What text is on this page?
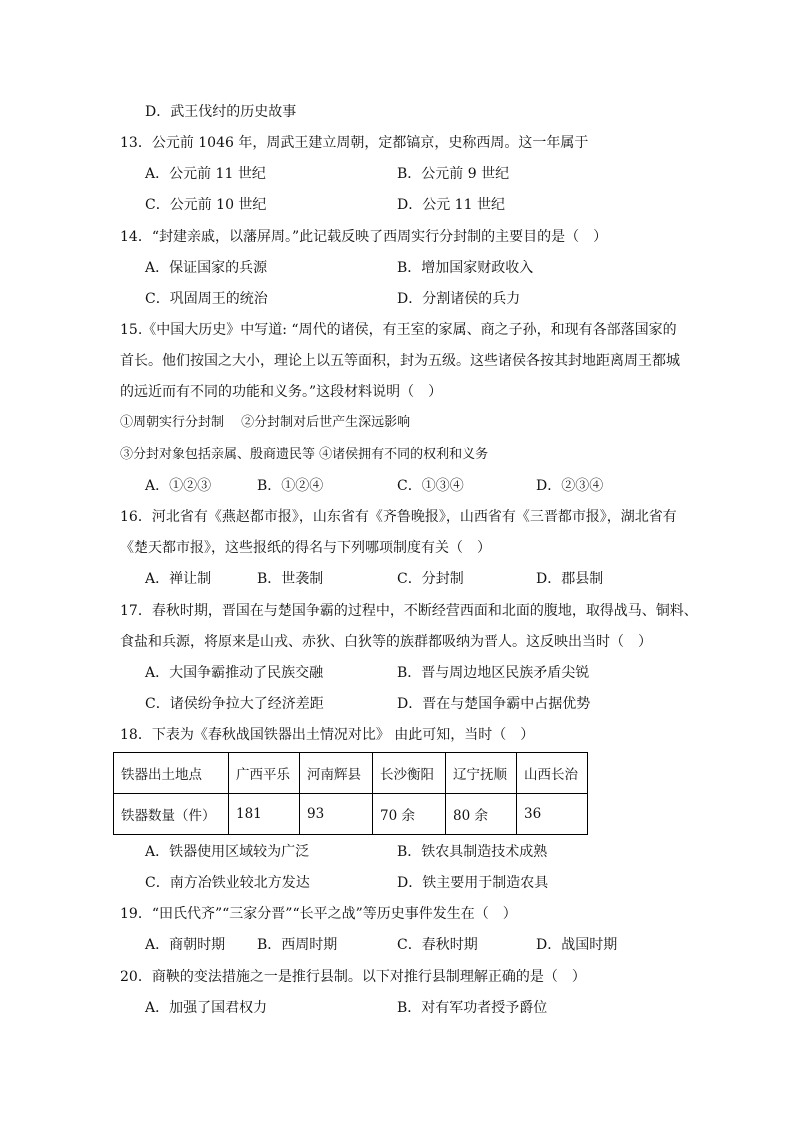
D．武王伐纣的历史故事
13．公元前 1046 年，周武王建立周朝，定都镐京，史称西周。这一年属于
A．公元前 11 世纪	B．公元前 9 世纪
C．公元前 10 世纪	D．公元 11 世纪
14．“封建亲戚，以藩屏周。”此记载反映了西周实行分封制的主要目的是（　）
A．保证国家的兵源	B．增加国家财政收入
C．巩固周王的统治	D．分割诸侯的兵力
15.《中国大历史》中写道: “周代的诸侯，有王室的家属、商之子孙，和现有各部落国家的
首长。他们按国之大小，理论上以五等面积，封为五级。这些诸侯各按其封地距离周王都城
的远近而有不同的功能和义务。”这段材料说明（　）
①周朝实行分封制　 ②分封制对后世产生深远影响
③分封对象包括亲属、殷商遗民等 ④诸侯拥有不同的权利和义务
A．①②③	B．①②④	C．①③④	D．②③④
16．河北省有《燕赵都市报》，山东省有《齐鲁晚报》，山西省有《三晋都市报》，湖北省有
《楚天都市报》，这些报纸的得名与下列哪项制度有关（　）
A．禅让制	B．世袭制	C．分封制	D．郡县制
17．春秋时期，晋国在与楚国争霸的过程中，不断经营西面和北面的腹地，取得战马、铜料、
食盐和兵源，将原来是山戎、赤狄、白狄等的族群都吸纳为晋人。这反映出当时（　）
A．大国争霸推动了民族交融	B．晋与周边地区民族矛盾尖锐
C．诸侯纷争拉大了经济差距	D．晋在与楚国争霸中占据优势
18．下表为《春秋战国铁器出土情况对比》 由此可知，当时（　）
铁器出土地点	广西平乐	河南辉县	长沙衡阳	辽宁抚顺	山西长治
铁器数量（件）	181	93	70 余	80 余	36
A．铁器使用区域较为广泛	B．铁农具制造技术成熟
C．南方冶铁业较北方发达	D．铁主要用于制造农具
19．“田氏代齐”“三家分晋”“长平之战”等历史事件发生在（　）
A．商朝时期 B．西周时期	C．春秋时期	D．战国时期
20．商鞅的变法措施之一是推行县制。以下对推行县制理解正确的是（　）
A．加强了国君权力	B．对有军功者授予爵位
